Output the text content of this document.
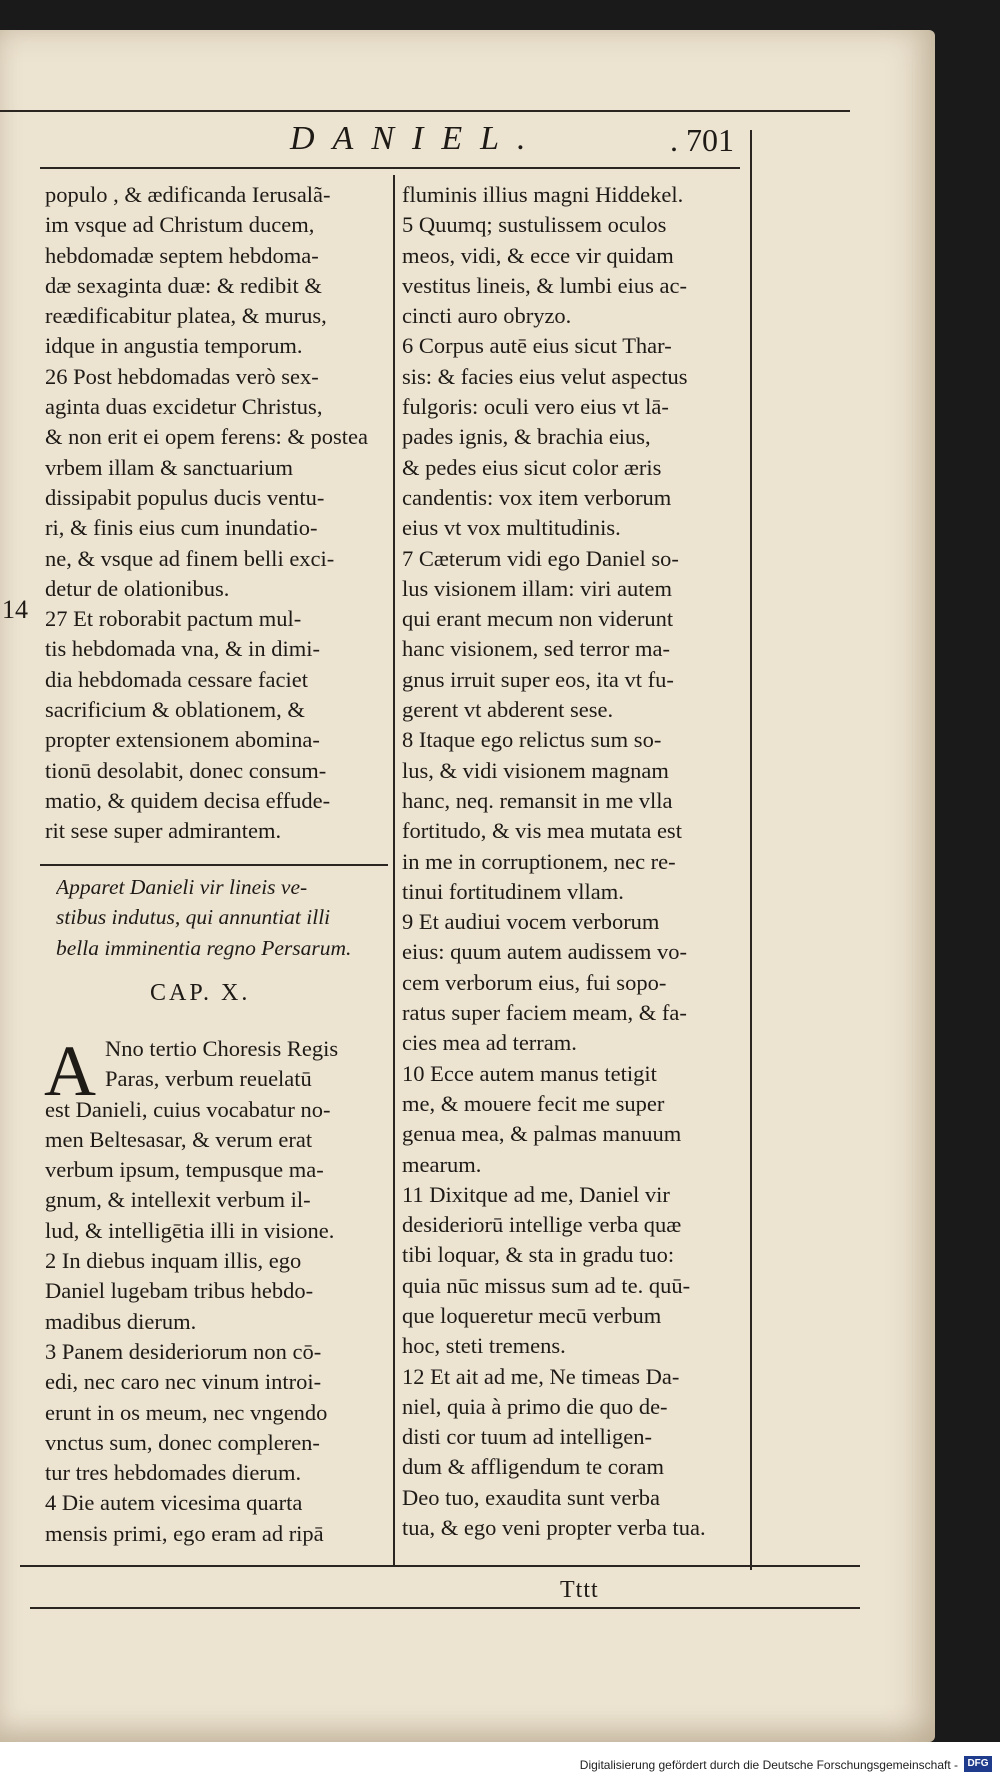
DANIEL.	. 701
14
populo , & ædificanda Ierusalã-
im vsque ad Christum ducem,
hebdomadæ septem hebdoma-
dæ sexaginta duæ: & redibit &
reædificabitur platea, & murus,
idque in angustia temporum.
26 Post hebdomadas verò sex-
aginta duas excidetur Christus,
& non erit ei opem ferens: & postea
vrbem illam & sanctuarium
dissipabit populus ducis ventu-
ri, & finis eius cum inundatio-
ne, & vsque ad finem belli exci-
detur de olationibus.
27 Et roborabit pactum mul-
tis hebdomada vna, & in dimi-
dia hebdomada cessare faciet
sacrificium & oblationem, &
propter extensionem abomina-
tionū desolabit, donec consum-
matio, & quidem decisa effude-
rit sese super admirantem.
Apparet Danieli vir lineis ve-
stibus indutus, qui annuntiat illi
bella imminentia regno Persarum.
CAP. X.
A Nno tertio Choresis Regis
Paras, verbum reuelatū
est Danieli, cuius vocabatur no-
men Beltesasar, & verum erat
verbum ipsum, tempusque ma-
gnum, & intellexit verbum il-
lud, & intelligētia illi in visione.
2 In diebus inquam illis, ego
Daniel lugebam tribus hebdo-
madibus dierum.
3 Panem desideriorum non cō-
edi, nec caro nec vinum introi-
erunt in os meum, nec vngendo
vnctus sum, donec compleren-
tur tres hebdomades dierum.
4 Die autem vicesima quarta
mensis primi, ego eram ad ripā
fluminis illius magni Hiddekel.
5 Quumq; sustulissem oculos
meos, vidi, & ecce vir quidam
vestitus lineis, & lumbi eius ac-
cincti auro obryzo.
6 Corpus autē eius sicut Thar-
sis: & facies eius velut aspectus
fulgoris: oculi vero eius vt lā-
pades ignis, & brachia eius,
& pedes eius sicut color æris
candentis: vox item verborum
eius vt vox multitudinis.
7 Cæterum vidi ego Daniel so-
lus visionem illam: viri autem
qui erant mecum non viderunt
hanc visionem, sed terror ma-
gnus irruit super eos, ita vt fu-
gerent vt abderent sese.
8 Itaque ego relictus sum so-
lus, & vidi visionem magnam
hanc, neq. remansit in me vlla
fortitudo, & vis mea mutata est
in me in corruptionem, nec re-
tinui fortitudinem vllam.
9 Et audiui vocem verborum
eius: quum autem audissem vo-
cem verborum eius, fui sopo-
ratus super faciem meam, & fa-
cies mea ad terram.
10 Ecce autem manus tetigit
me, & mouere fecit me super
genua mea, & palmas manuum
mearum.
11 Dixitque ad me, Daniel vir
desideriorū intellige verba quæ
tibi loquar, & sta in gradu tuo:
quia nūc missus sum ad te. quū-
que loqueretur mecū verbum
hoc, steti tremens.
12 Et ait ad me, Ne timeas Da-
niel, quia à primo die quo de-
disti cor tuum ad intelligen-
dum & affligendum te coram
Deo tuo, exaudita sunt verba
tua, & ego veni propter verba tua.
Tttt
Digitalisierung gefördert durch die Deutsche Forschungsgemeinschaft - DFG
